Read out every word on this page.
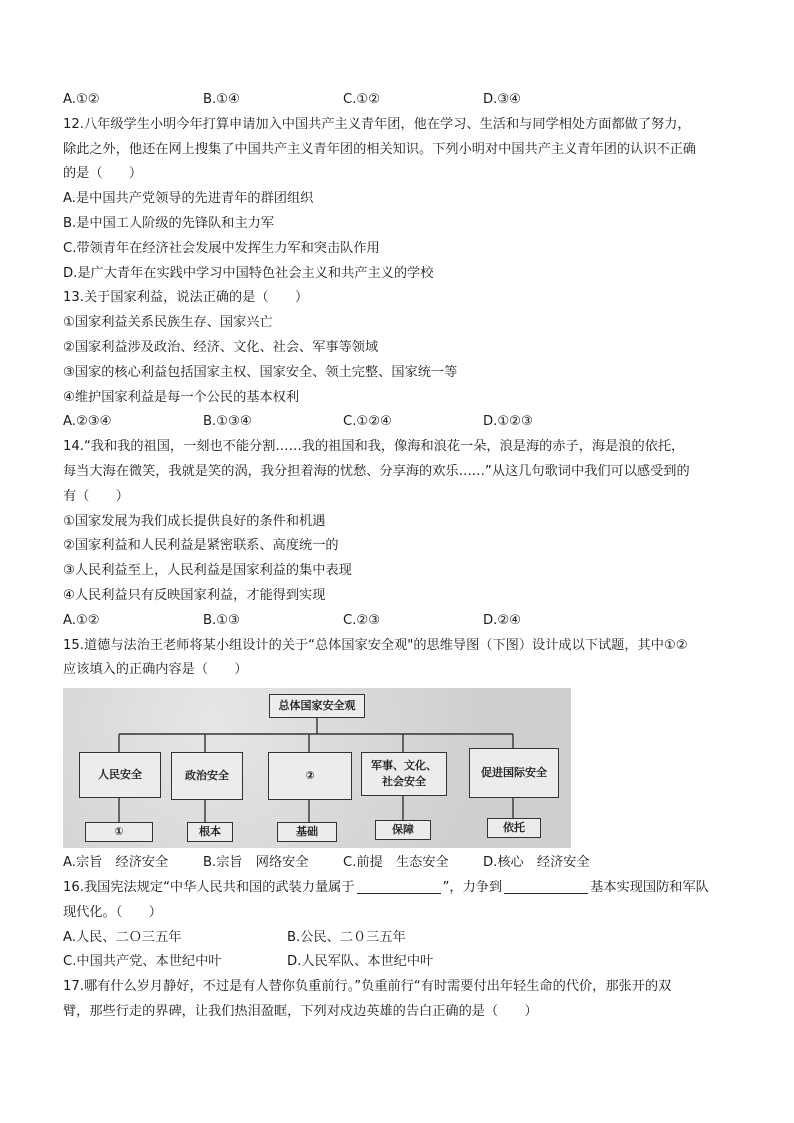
A.①②	B.①④	C.①②	D.③④
12.八年级学生小明今年打算申请加入中国共产主义青年团，他在学习、生活和与同学相处方面都做了努力，
除此之外，他还在网上搜集了中国共产主义青年团的相关知识。下列小明对中国共产主义青年团的认识不正确
的是（　　）
A.是中国共产党领导的先进青年的群团组织
B.是中国工人阶级的先锋队和主力军
C.带领青年在经济社会发展中发挥生力军和突击队作用
D.是广大青年在实践中学习中国特色社会主义和共产主义的学校
13.关于国家利益，说法正确的是（　　）
①国家利益关系民族生存、国家兴亡
②国家利益涉及政治、经济、文化、社会、军事等领域
③国家的核心利益包括国家主权、国家安全、领土完整、国家统一等
④维护国家利益是每一个公民的基本权利
A.②③④	B.①③④	C.①②④	D.①②③
14.“我和我的祖国，一刻也不能分割……我的祖国和我，像海和浪花一朵，浪是海的赤子，海是浪的依托，
每当大海在微笑，我就是笑的涡，我分担着海的忧愁、分享海的欢乐……”从这几句歌词中我们可以感受到的
有（　　）
①国家发展为我们成长提供良好的条件和机遇
②国家利益和人民利益是紧密联系、高度统一的
③人民利益至上，人民利益是国家利益的集中表现
④人民利益只有反映国家利益，才能得到实现
A.①②	B.①③	C.②③	D.②④
15.道德与法治王老师将某小组设计的关于“总体国家安全观"的思维导图（下图）设计成以下试题，其中①②
应该填入的正确内容是（　　）
总体国家安全观
人民安全	政治安全	②
军事、文化、
社会安全
促进国际安全
①	根本	基础	保障	依托
A.宗旨　经济安全	B.宗旨　网络安全	C.前提　生态安全	D.核心　经济安全
16.我国宪法规定“中华人民共和国的武装力量属于	”，力争到	基本实现国防和军队
现代化。（　　）
A.人民、二Ｏ三五年	B.公民、二０三五年
C.中国共产党、本世纪中叶	D.人民军队、本世纪中叶
17.哪有什么岁月静好，不过是有人替你负重前行。”负重前行“有时需要付出年轻生命的代价，那张开的双
臂，那些行走的界碑，让我们热泪盈眶，下列对戍边英雄的告白正确的是（　　）
